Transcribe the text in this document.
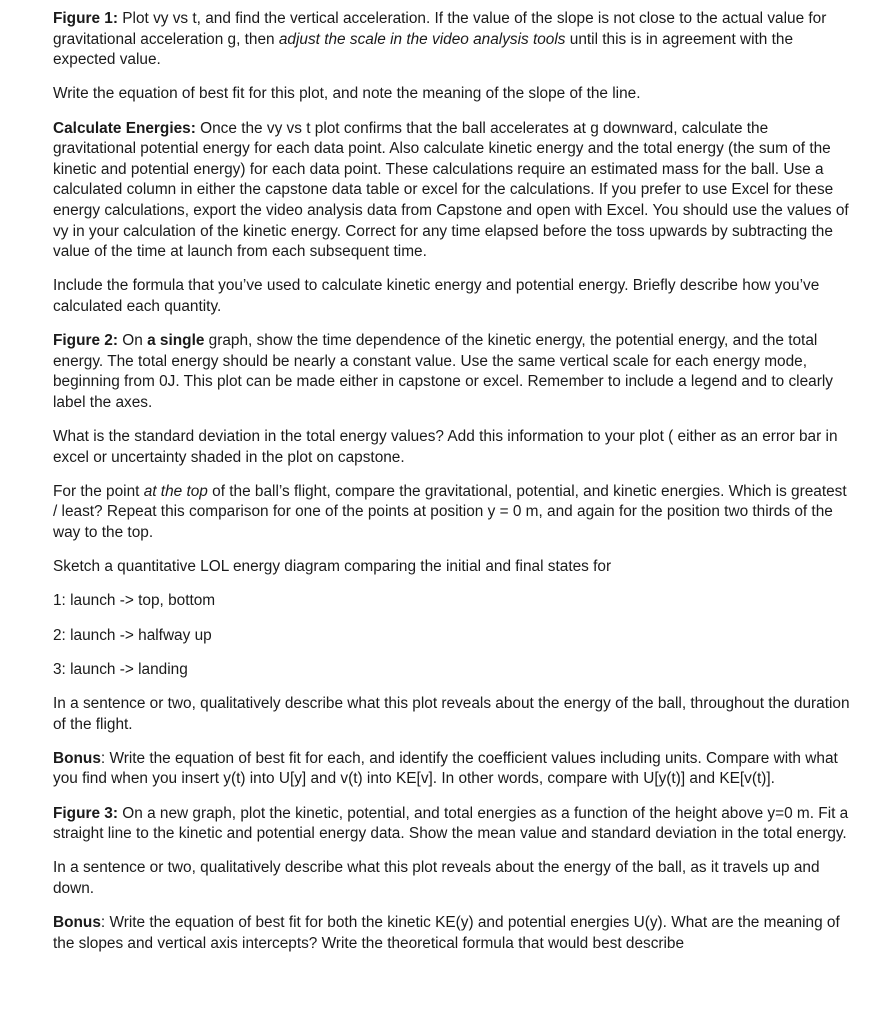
Figure 1: Plot vy vs t, and find the vertical acceleration. If the value of the slope is not close to the actual value for gravitational acceleration g, then adjust the scale in the video analysis tools until this is in agreement with the expected value.

Write the equation of best fit for this plot, and note the meaning of the slope of the line.

Calculate Energies: Once the vy vs t plot confirms that the ball accelerates at g downward, calculate the gravitational potential energy for each data point. Also calculate kinetic energy and the total energy (the sum of the kinetic and potential energy) for each data point. These calculations require an estimated mass for the ball. Use a calculated column in either the capstone data table or excel for the calculations. If you prefer to use Excel for these energy calculations, export the video analysis data from Capstone and open with Excel. You should use the values of vy in your calculation of the kinetic energy. Correct for any time elapsed before the toss upwards by subtracting the value of the time at launch from each subsequent time.

Include the formula that you’ve used to calculate kinetic energy and potential energy. Briefly describe how you’ve calculated each quantity.

Figure 2: On a single graph, show the time dependence of the kinetic energy, the potential energy, and the total energy. The total energy should be nearly a constant value. Use the same vertical scale for each energy mode, beginning from 0J. This plot can be made either in capstone or excel. Remember to include a legend and to clearly label the axes.

What is the standard deviation in the total energy values? Add this information to your plot ( either as an error bar in excel or uncertainty shaded in the plot on capstone.

For the point at the top of the ball’s flight, compare the gravitational, potential, and kinetic energies. Which is greatest / least? Repeat this comparison for one of the points at position y = 0 m, and again for the position two thirds of the way to the top.

Sketch a quantitative LOL energy diagram comparing the initial and final states for

1: launch -> top, bottom

2: launch -> halfway up

3: launch -> landing

In a sentence or two, qualitatively describe what this plot reveals about the energy of the ball, throughout the duration of the flight.

Bonus: Write the equation of best fit for each, and identify the coefficient values including units. Compare with what you find when you insert y(t) into U[y] and v(t) into KE[v]. In other words, compare with U[y(t)] and KE[v(t)].

Figure 3: On a new graph, plot the kinetic, potential, and total energies as a function of the height above y=0 m. Fit a straight line to the kinetic and potential energy data. Show the mean value and standard deviation in the total energy.

In a sentence or two, qualitatively describe what this plot reveals about the energy of the ball, as it travels up and down.

Bonus: Write the equation of best fit for both the kinetic KE(y) and potential energies U(y). What are the meaning of the slopes and vertical axis intercepts? Write the theoretical formula that would best describe
